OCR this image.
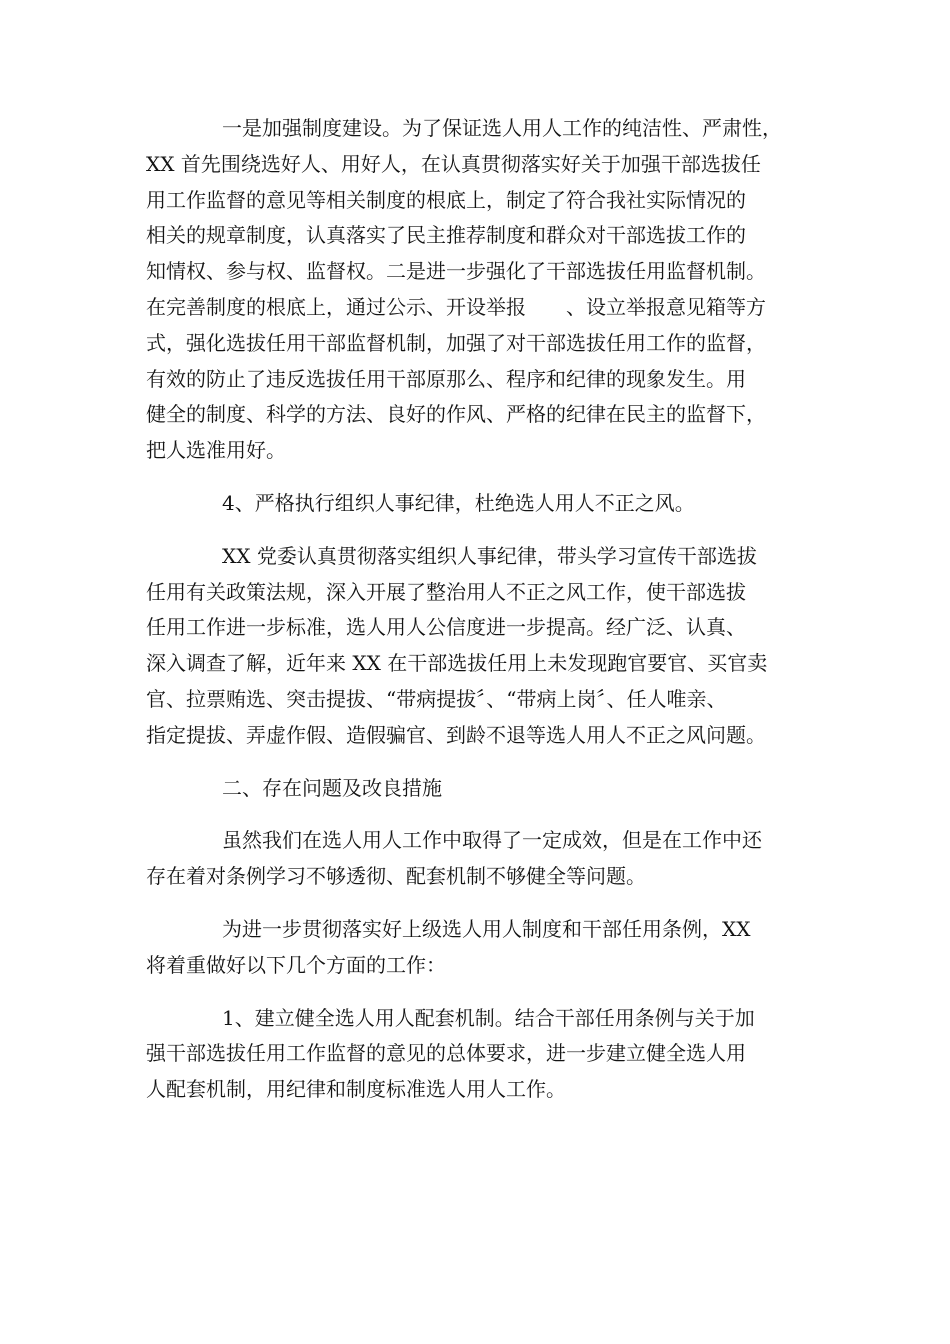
一是加强制度建设。为了保证选人用人工作的纯洁性、严肃性，
XX 首先围绕选好人、用好人，在认真贯彻落实好关于加强干部选拔任
用工作监督的意见等相关制度的根底上，制定了符合我社实际情况的
相关的规章制度，认真落实了民主推荐制度和群众对干部选拔工作的
知情权、参与权、监督权。二是进一步强化了干部选拔任用监督机制。
在完善制度的根底上，通过公示、开设举报　　、设立举报意见箱等方
式，强化选拔任用干部监督机制，加强了对干部选拔任用工作的监督，
有效的防止了违反选拔任用干部原那么、程序和纪律的现象发生。用
健全的制度、科学的方法、良好的作风、严格的纪律在民主的监督下，
把人选准用好。
4、严格执行组织人事纪律，杜绝选人用人不正之风。
XX 党委认真贯彻落实组织人事纪律，带头学习宣传干部选拔
任用有关政策法规，深入开展了整治用人不正之风工作，使干部选拔
任用工作进一步标准，选人用人公信度进一步提高。经广泛、认真、
深入调查了解，近年来 XX 在干部选拔任用上未发现跑官要官、买官卖
官、拉票贿选、突击提拔、“带病提拔〞、“带病上岗〞、任人唯亲、
指定提拔、弄虚作假、造假骗官、到龄不退等选人用人不正之风问题。
二、存在问题及改良措施
虽然我们在选人用人工作中取得了一定成效，但是在工作中还
存在着对条例学习不够透彻、配套机制不够健全等问题。
为进一步贯彻落实好上级选人用人制度和干部任用条例，XX
将着重做好以下几个方面的工作：
1、建立健全选人用人配套机制。结合干部任用条例与关于加
强干部选拔任用工作监督的意见的总体要求，进一步建立健全选人用
人配套机制，用纪律和制度标准选人用人工作。
